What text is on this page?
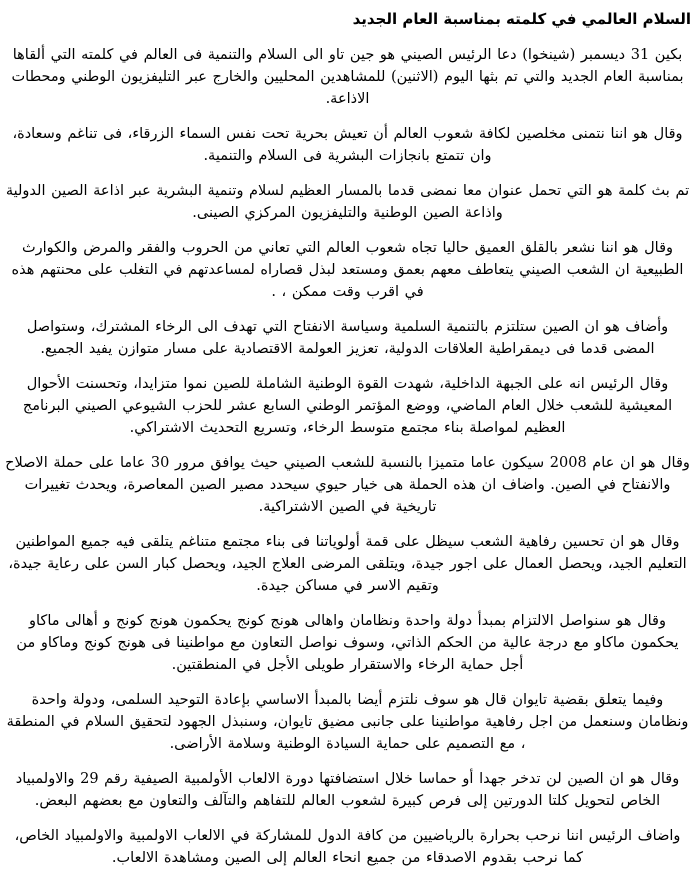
السلام العالمي في كلمته بمناسبة العام الجديد

بكين 31 ديسمبر (شينخوا) دعا الرئيس الصيني هو جين تاو الى السلام والتنمية فى العالم في كلمته التي ألقاها بمناسبة العام الجديد والتي تم بثها اليوم (الاثنين) للمشاهدين المحليين والخارج عبر التليفزيون الوطني ومحطات الاذاعة.

وقال هو اننا نتمنى مخلصين لكافة شعوب العالم أن تعيش بحرية تحت نفس السماء الزرقاء، فى تناغم وسعادة، وان تتمتع بانجازات البشرية فى السلام والتنمية.

تم بث كلمة هو التي تحمل عنوان معا نمضى قدما بالمسار العظيم لسلام وتنمية البشرية عبر اذاعة الصين الدولية واذاعة الصين الوطنية والتليفزيون المركزي الصينى.

وقال هو اننا نشعر بالقلق العميق حاليا تجاه شعوب العالم التي تعاني من الحروب والفقر والمرض والكوارث الطبيعية ان الشعب الصيني يتعاطف معهم بعمق ومستعد لبذل قصاراه لمساعدتهم في التغلب على محنتهم هذه في اقرب وقت ممكن ، .

وأضاف هو ان الصين ستلتزم بالتنمية السلمية وسياسة الانفتاح التي تهدف الى الرخاء المشترك، وستواصل المضى قدما فى ديمقراطية العلاقات الدولية، تعزيز العولمة الاقتصادية على مسار متوازن يفيد الجميع.

وقال الرئيس انه على الجبهة الداخلية، شهدت القوة الوطنية الشاملة للصين نموا متزايدا، وتحسنت الأحوال المعيشية للشعب خلال العام الماضي، ووضع المؤتمر الوطني السابع عشر للحزب الشيوعي الصيني البرنامج العظيم لمواصلة بناء مجتمع متوسط الرخاء، وتسريع التحديث الاشتراكي.

وقال هو ان عام 2008 سيكون عاما متميزا بالنسبة للشعب الصيني حيث يوافق مرور 30 عاما على حملة الاصلاح والانفتاح في الصين. واضاف ان هذه الحملة هى خيار حيوي سيحدد مصير الصين المعاصرة، ويحدث تغييرات تاريخية في الصين الاشتراكية.

وقال هو ان تحسين رفاهية الشعب سيظل على قمة أولوياتنا فى بناء مجتمع متناغم يتلقى فيه جميع المواطنين التعليم الجيد، ويحصل العمال على اجور جيدة، ويتلقى المرضى العلاج الجيد، ويحصل كبار السن على رعاية جيدة، وتقيم الاسر في مساكن جيدة.

وقال هو سنواصل الالتزام بمبدأ دولة واحدة ونظامان واهالى هونج كونج يحكمون هونج كونج و أهالى ماكاو يحكمون ماكاو مع درجة عالية من الحكم الذاتي، وسوف نواصل التعاون مع مواطنينا فى هونج كونج وماكاو من أجل حماية الرخاء والاستقرار طويلى الأجل في المنطقتين.

وفيما يتعلق بقضية تايوان قال هو سوف نلتزم أيضا بالمبدأ الاساسي بإعادة التوحيد السلمى، ودولة واحدة ونظامان وسنعمل من اجل رفاهية مواطنينا على جانبى مضيق تايوان، وسنبذل الجهود لتحقيق السلام في المنطقة ، مع التصميم على حماية السيادة الوطنية وسلامة الأراضى.

وقال هو ان الصين لن تدخر جهدا أو حماسا خلال استضافتها دورة الالعاب الأولمبية الصيفية رقم 29 والاولمبياد الخاص لتحويل كلتا الدورتين إلى فرص كبيرة لشعوب العالم للتفاهم والتآلف والتعاون مع بعضهم البعض.

واضاف الرئيس اننا نرحب بحرارة بالرياضيين من كافة الدول للمشاركة في الالعاب الاولمبية والاولمبياد الخاص، كما نرحب بقدوم الاصدقاء من جميع انحاء العالم إلى الصين ومشاهدة الالعاب.
